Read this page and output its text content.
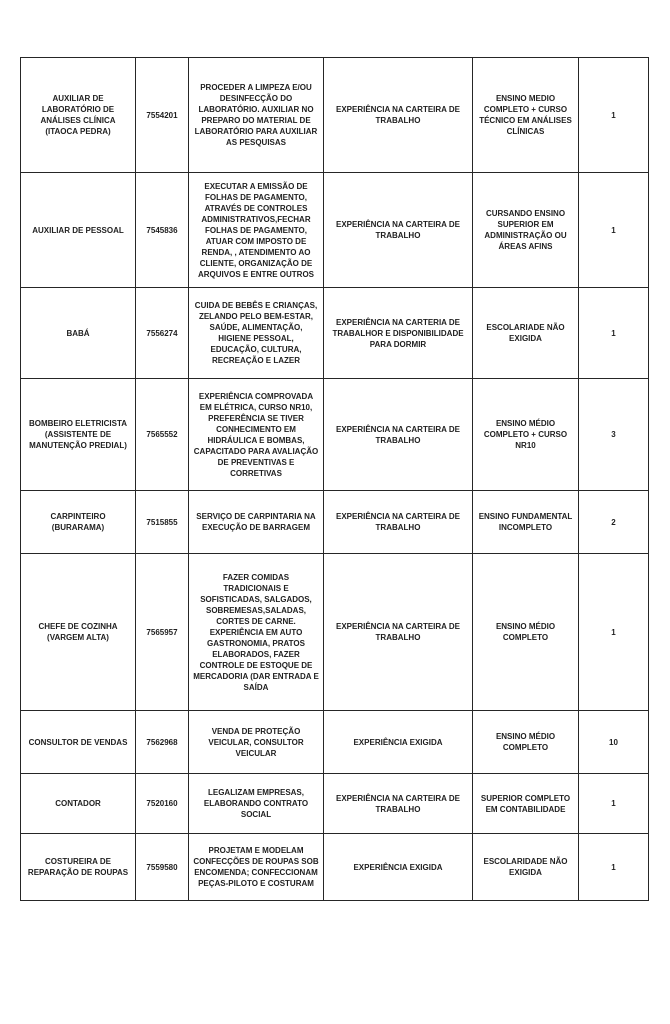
AUXILIAR DE LABORATÓRIO DE ANÁLISES CLÍNICA (ITAOCA PEDRA)	7554201	PROCEDER A LIMPEZA E/OU DESINFECÇÃO DO LABORATÓRIO. AUXILIAR NO PREPARO DO MATERIAL DE LABORATÓRIO PARA AUXILIAR AS PESQUISAS	EXPERIÊNCIA NA CARTEIRA DE TRABALHO	ENSINO MEDIO COMPLETO + CURSO TÉCNICO EM ANÁLISES CLÍNICAS	1
AUXILIAR DE PESSOAL	7545836	EXECUTAR A EMISSÃO DE FOLHAS DE PAGAMENTO, ATRAVÉS DE CONTROLES ADMINISTRATIVOS,FECHAR FOLHAS DE PAGAMENTO, ATUAR COM IMPOSTO DE RENDA, , ATENDIMENTO AO CLIENTE, ORGANIZAÇÃO DE ARQUIVOS E ENTRE OUTROS	EXPERIÊNCIA NA CARTEIRA DE TRABALHO	CURSANDO ENSINO SUPERIOR EM ADMINISTRAÇÃO OU ÁREAS AFINS	1
BABÁ	7556274	CUIDA DE BEBÊS E CRIANÇAS, ZELANDO PELO BEM-ESTAR, SAÚDE, ALIMENTAÇÃO, HIGIENE PESSOAL, EDUCAÇÃO, CULTURA, RECREAÇÃO E LAZER	EXPERIÊNCIA NA CARTERIA DE TRABALHOR E DISPONIBILIDADE PARA DORMIR	ESCOLARIADE NÃO EXIGIDA	1
BOMBEIRO ELETRICISTA (ASSISTENTE DE MANUTENÇÃO PREDIAL)	7565552	EXPERIÊNCIA COMPROVADA EM ELÉTRICA, CURSO NR10, PREFERÊNCIA SE TIVER CONHECIMENTO EM HIDRÁULICA E BOMBAS, CAPACITADO PARA AVALIAÇÃO DE PREVENTIVAS E CORRETIVAS	EXPERIÊNCIA NA CARTEIRA DE TRABALHO	ENSINO MÉDIO COMPLETO + CURSO NR10	3
CARPINTEIRO (BURARAMA)	7515855	SERVIÇO DE CARPINTARIA NA EXECUÇÃO DE BARRAGEM	EXPERIÊNCIA NA CARTEIRA DE TRABALHO	ENSINO FUNDAMENTAL INCOMPLETO	2
CHEFE DE COZINHA (VARGEM ALTA)	7565957	FAZER COMIDAS TRADICIONAIS E SOFISTICADAS, SALGADOS, SOBREMESAS,SALADAS, CORTES DE CARNE. EXPERIÊNCIA EM AUTO GASTRONOMIA, PRATOS ELABORADOS, FAZER CONTROLE DE ESTOQUE DE MERCADORIA (DAR ENTRADA E SAÍDA	EXPERIÊNCIA NA CARTEIRA DE TRABALHO	ENSINO MÉDIO COMPLETO	1
CONSULTOR DE VENDAS	7562968	VENDA DE PROTEÇÃO VEICULAR, CONSULTOR VEICULAR	EXPERIÊNCIA EXIGIDA	ENSINO MÉDIO COMPLETO	10
CONTADOR	7520160	LEGALIZAM EMPRESAS, ELABORANDO CONTRATO SOCIAL	EXPERIÊNCIA NA CARTEIRA DE TRABALHO	SUPERIOR COMPLETO EM CONTABILIDADE	1
COSTUREIRA DE REPARAÇÃO DE ROUPAS	7559580	PROJETAM E MODELAM CONFECÇÕES DE ROUPAS SOB ENCOMENDA; CONFECCIONAM PEÇAS-PILOTO E COSTURAM	EXPERIÊNCIA EXIGIDA	ESCOLARIDADE NÃO EXIGIDA	1
